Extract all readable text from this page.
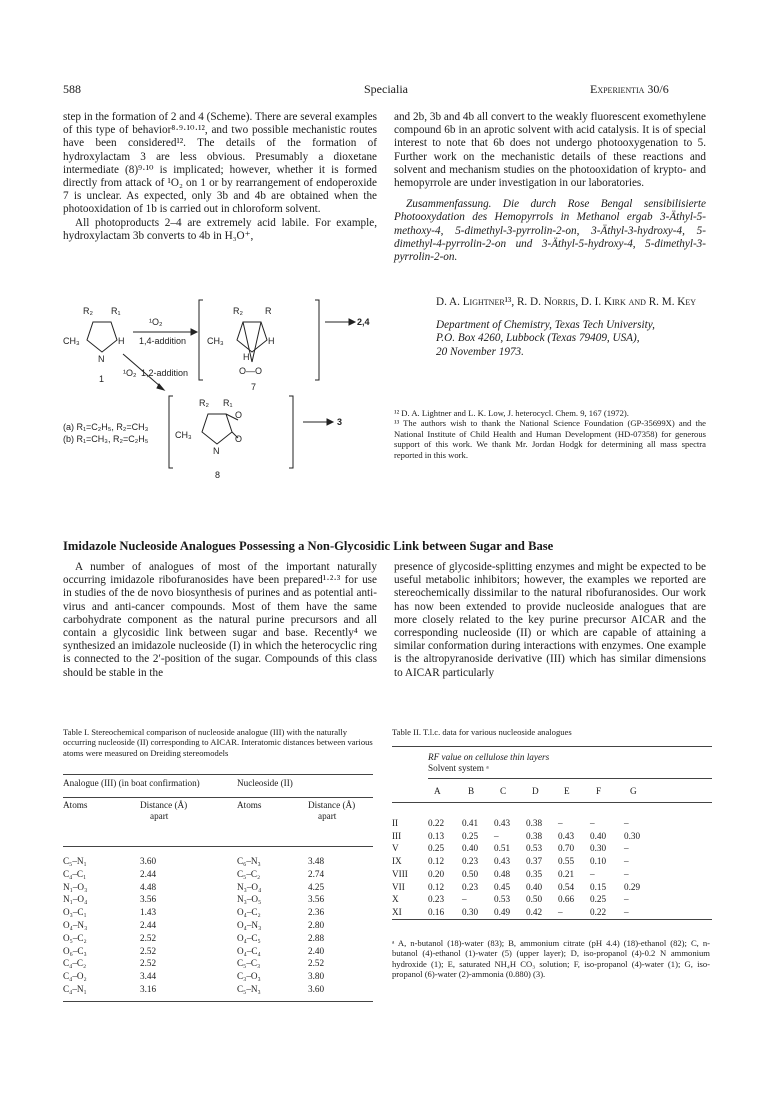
588	Specialia	Experientia 30/6

step in the formation of 2 and 4 (Scheme). There are several examples of this type of behavior⁸·⁹·¹⁰·¹², and two possible mechanistic routes have been considered¹². The details of the formation of hydroxylactam 3 are less obvious. Presumably a dioxetane intermediate (8)⁹·¹⁰ is implicated; however, whether it is formed directly from attack of ¹O₂ on 1 or by rearrangement of endoperoxide 7 is unclear. As expected, only 3b and 4b are obtained when the photooxidation of 1b is carried out in chloroform solvent.

All photoproducts 2–4 are extremely acid labile. For example, hydroxylactam 3b converts to 4b in H₃O⁺,

and 2b, 3b and 4b all convert to the weakly fluorescent exomethylene compound 6b in an aprotic solvent with acid catalysis. It is of special interest to note that 6b does not undergo photooxygenation to 5. Further work on the mechanistic details of these reactions and solvent and mechanism studies on the photooxidation of krypto- and hemopyrrole are under investigation in our laboratories.

Zusammenfassung. Die durch Rose Bengal sensibilisierte Photooxydation des Hemopyrrols in Methanol ergab 3-Äthyl-5-methoxy-4, 5-dimethyl-3-pyrrolin-2-on, 3-Äthyl-3-hydroxy-4, 5-dimethyl-4-pyrrolin-2-on und 3-Äthyl-5-hydroxy-4, 5-dimethyl-3-pyrrolin-2-on.

R₂ R₁
CH₃
N
H
1
¹O₂
1,4-addition
¹O₂ 1,2-addition
R₂ R
CH₃	H
H
O—O
7
2,4
R₂ R₁
O
O
CH₃
N
8
3
(a) R₁=C₂H₅, R₂=CH₃
(b) R₁=CH₃, R₂=C₂H₅

D. A. Lightner¹³, R. D. Norris, D. I. Kirk and R. M. Key

Department of Chemistry, Texas Tech University,
P.O. Box 4260, Lubbock (Texas 79409, USA),
20 November 1973.

¹² D. A. Lightner and L. K. Low, J. heterocycl. Chem. 9, 167 (1972).

¹³ The authors wish to thank the National Science Foundation (GP-35699X) and the National Institute of Child Health and Human Development (HD-07358) for generous support of this work. We thank Mr. Jordan Hodgk for determining all mass spectra reported in this work.

Imidazole Nucleoside Analogues Possessing a Non-Glycosidic Link between Sugar and Base

A number of analogues of most of the important naturally occurring imidazole ribofuranosides have been prepared¹·²·³ for use in studies of the de novo biosynthesis of purines and as potential anti-virus and anti-cancer compounds. Most of them have the same carbohydrate component as the natural purine precursors and all contain a glycosidic link between sugar and base. Recently⁴ we synthesized an imidazole nucleoside (I) in which the heterocyclic ring is connected to the 2′-position of the sugar. Compounds of this class should be stable in the

presence of glycoside-splitting enzymes and might be expected to be useful metabolic inhibitors; however, the examples we reported are stereochemically dissimilar to the natural ribofuranosides. Our work has now been extended to provide nucleoside analogues that are more closely related to the key purine precursor AICAR and the corresponding nucleoside (II) or which are capable of attaining a similar conformation during interactions with enzymes. One example is the altropyranoside derivative (III) which has similar dimensions to AICAR particularly

Table I. Stereochemical comparison of nucleoside analogue (III) with the naturally occurring nucleoside (II) corresponding to AICAR. Interatomic distances between various atoms were measured on Dreiding stereomodels
Analogue (III) (in boat confirmation)	Nucleoside (II)
Atoms	Distance (Å)
apart
Atoms	Distance (Å)
apart
C₅–N₁	3.60	C₆–N₃	3.48
C₄–C₁	2.44	C₅–C₂	2.74
N₁–O₃	4.48	N₃–O₄	4.25
N₁–O₄	3.56	N₃–O₅	3.56
O₃–C₁	1.43	O₄–C₂	2.36
O₄–N₃	2.44	O₄–N₃	2.80
O₅–C₂	2.52	O₄–C₅	2.88
O₆–C₃	2.52	O₄–C₄	2.40
C₄–C₂	2.52	C₅–C₃	2.52
C₄–O₂	3.44	C₃–O₃	3.80
C₄–N₁	3.16	C₅–N₃	3.60
Table II. T.l.c. data for various nucleoside analogues
RF value on cellulose thin layers
Solvent system ᵃ
A	B	C	D	E	F	G
II	0.22 0.41 0.43 0.38 –	–	–
III	0.13 0.25 –	0.38 0.43 0.40 0.30
V	0.25 0.40 0.51 0.53 0.70 0.30 –
IX	0.12 0.23 0.43 0.37 0.55 0.10 –
VIII 0.20 0.50 0.48 0.35 0.21 –	–
VII	0.12 0.23 0.45 0.40 0.54 0.15 0.29
X	0.23 –	0.53 0.50 0.66 0.25 –
XI	0.16 0.30 0.49 0.42 –	0.22 –
ᵃ A, n-butanol (18)-water (83); B, ammonium citrate (pH 4.4) (18)-ethanol (82); C, n-butanol (4)-ethanol (1)-water (5) (upper layer); D, iso-propanol (4)-0.2 N ammonium hydroxide (1); E, saturated NH₄H CO₃ solution; F, iso-propanol (4)-water (1); G, iso-propanol (6)-water (2)-ammonia (0.880) (3).
